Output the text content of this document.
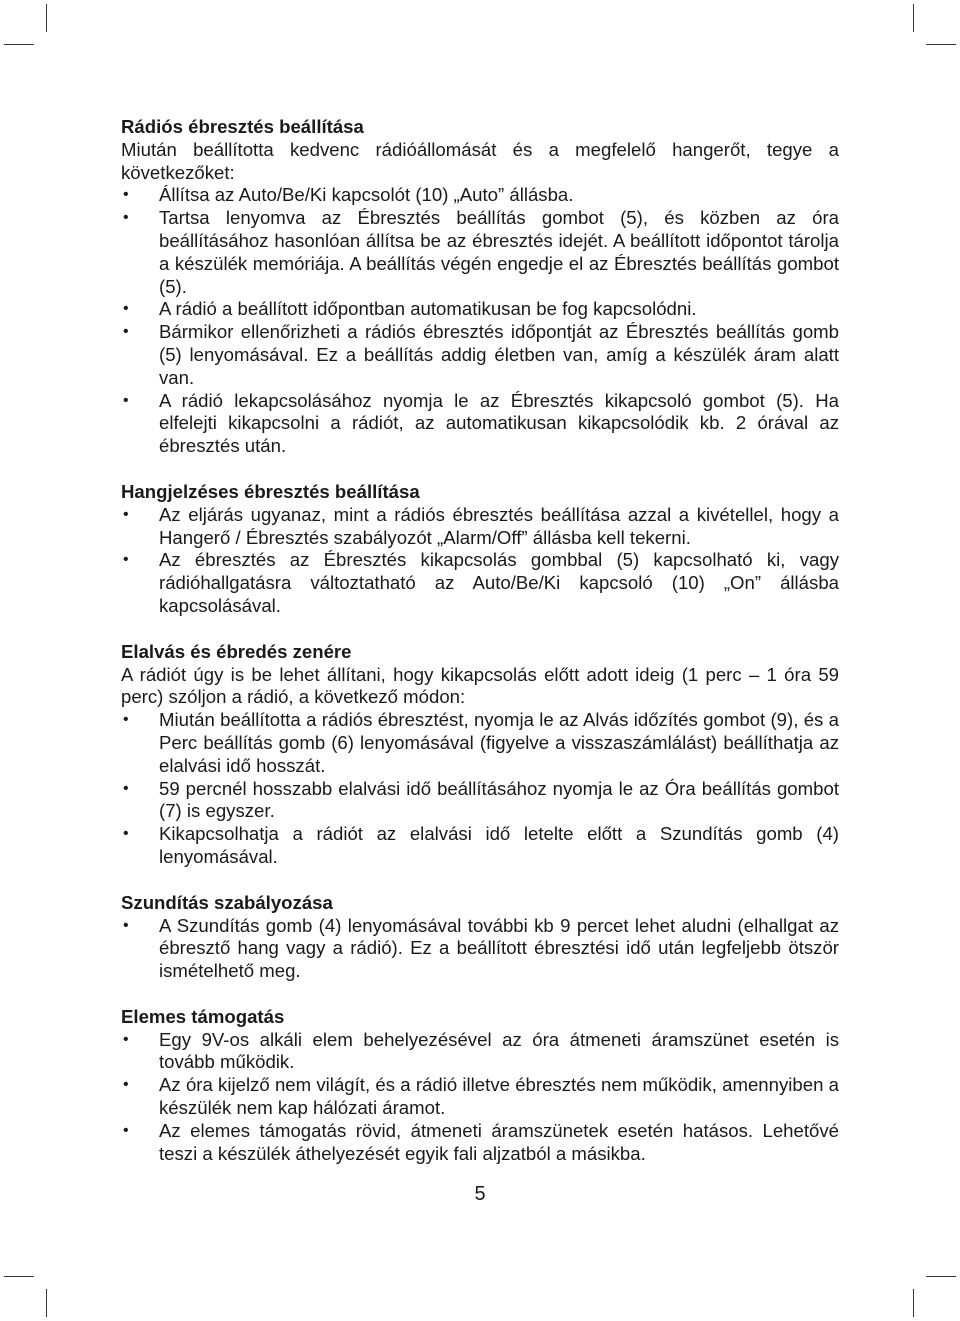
Rádiós ébresztés beállítása

Miután beállította kedvenc rádióállomását és a megfelelő hangerőt, tegye a következőket:

• Állítsa az Auto/Be/Ki kapcsolót (10) „Auto” állásba.
• Tartsa lenyomva az Ébresztés beállítás gombot (5), és közben az óra beállításához hasonlóan állítsa be az ébresztés idejét. A beállított időpontot tárolja a készülék memóriája. A beállítás végén engedje el az Ébresztés beállítás gombot (5).
• A rádió a beállított időpontban automatikusan be fog kapcsolódni.
• Bármikor ellenőrizheti a rádiós ébresztés időpontját az Ébresztés beállítás gomb (5) lenyomásával. Ez a beállítás addig életben van, amíg a készülék áram alatt van.
• A rádió lekapcsolásához nyomja le az Ébresztés kikapcsoló gombot (5). Ha elfelejti kikapcsolni a rádiót, az automatikusan kikapcsolódik kb. 2 órával az ébresztés után.

Hangjelzéses ébresztés beállítása

• Az eljárás ugyanaz, mint a rádiós ébresztés beállítása azzal a kivétellel, hogy a Hangerő / Ébresztés szabályozót „Alarm/Off” állásba kell tekerni.
• Az ébresztés az Ébresztés kikapcsolás gombbal (5) kapcsolható ki, vagy rádióhallgatásra változtatható az Auto/Be/Ki kapcsoló (10) „On” állásba kapcsolásával.

Elalvás és ébredés zenére

A rádiót úgy is be lehet állítani, hogy kikapcsolás előtt adott ideig (1 perc – 1 óra 59 perc) szóljon a rádió, a következő módon:

• Miután beállította a rádiós ébresztést, nyomja le az Alvás időzítés gombot (9), és a Perc beállítás gomb (6) lenyomásával (figyelve a visszaszámlálást) beállíthatja az elalvási idő hosszát.
• 59 percnél hosszabb elalvási idő beállításához nyomja le az Óra beállítás gombot (7) is egyszer.
• Kikapcsolhatja a rádiót az elalvási idő letelte előtt a Szundítás gomb (4) lenyomásával.

Szundítás szabályozása

• A Szundítás gomb (4) lenyomásával további kb 9 percet lehet aludni (elhallgat az ébresztő hang vagy a rádió). Ez a beállított ébresztési idő után legfeljebb ötször ismételhető meg.

Elemes támogatás

• Egy 9V-os alkáli elem behelyezésével az óra átmeneti áramszünet esetén is tovább működik.
• Az óra kijelző nem világít, és a rádió illetve ébresztés nem működik, amennyiben a készülék nem kap hálózati áramot.
• Az elemes támogatás rövid, átmeneti áramszünetek esetén hatásos. Lehetővé teszi a készülék áthelyezését egyik fali aljzatból a másikba.
5
